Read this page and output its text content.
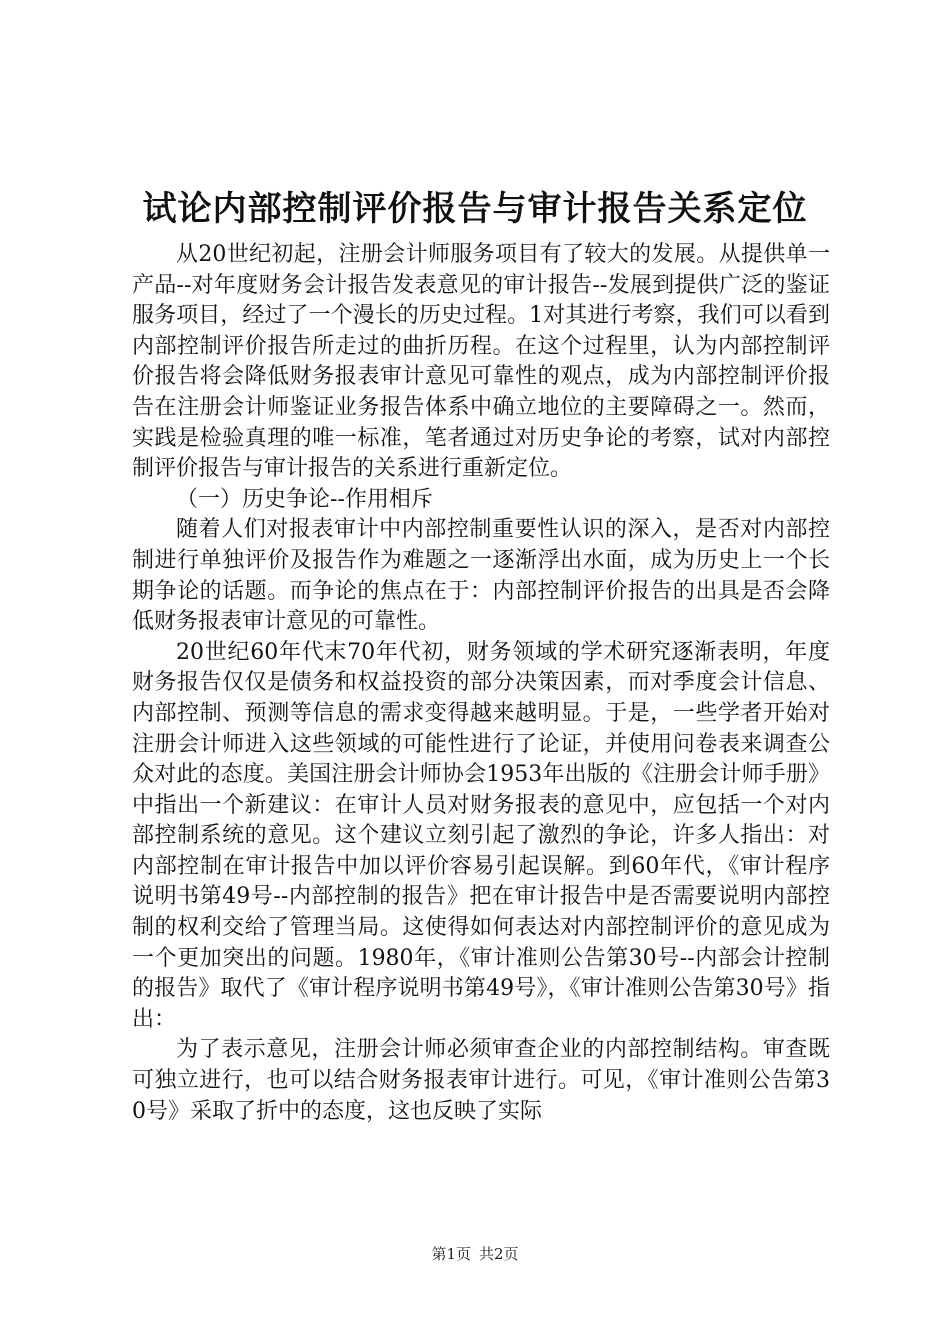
试论内部控制评价报告与审计报告关系定位

从20世纪初起，注册会计师服务项目有了较大的发展。从提供单一产品--对年度财务会计报告发表意见的审计报告--发展到提供广泛的鉴证服务项目，经过了一个漫长的历史过程。1对其进行考察，我们可以看到内部控制评价报告所走过的曲折历程。在这个过程里，认为内部控制评价报告将会降低财务报表审计意见可靠性的观点，成为内部控制评价报告在注册会计师鉴证业务报告体系中确立地位的主要障碍之一。然而，实践是检验真理的唯一标准，笔者通过对历史争论的考察，试对内部控制评价报告与审计报告的关系进行重新定位。

（一）历史争论--作用相斥

随着人们对报表审计中内部控制重要性认识的深入，是否对内部控制进行单独评价及报告作为难题之一逐渐浮出水面，成为历史上一个长期争论的话题。而争论的焦点在于：内部控制评价报告的出具是否会降低财务报表审计意见的可靠性。

20世纪60年代末70年代初，财务领域的学术研究逐渐表明，年度财务报告仅仅是债务和权益投资的部分决策因素，而对季度会计信息、内部控制、预测等信息的需求变得越来越明显。于是，一些学者开始对注册会计师进入这些领域的可能性进行了论证，并使用问卷表来调查公众对此的态度。美国注册会计师协会1953年出版的《注册会计师手册》中指出一个新建议：在审计人员对财务报表的意见中，应包括一个对内部控制系统的意见。这个建议立刻引起了激烈的争论，许多人指出：对内部控制在审计报告中加以评价容易引起误解。到60年代，《审计程序说明书第49号--内部控制的报告》把在审计报告中是否需要说明内部控制的权利交给了管理当局。这使得如何表达对内部控制评价的意见成为一个更加突出的问题。1980年，《审计准则公告第30号--内部会计控制的报告》取代了《审计程序说明书第49号》，《审计准则公告第30号》指出：

为了表示意见，注册会计师必须审查企业的内部控制结构。审查既可独立进行，也可以结合财务报表审计进行。可见，《审计准则公告第30号》采取了折中的态度，这也反映了实际

第1页 共2页
